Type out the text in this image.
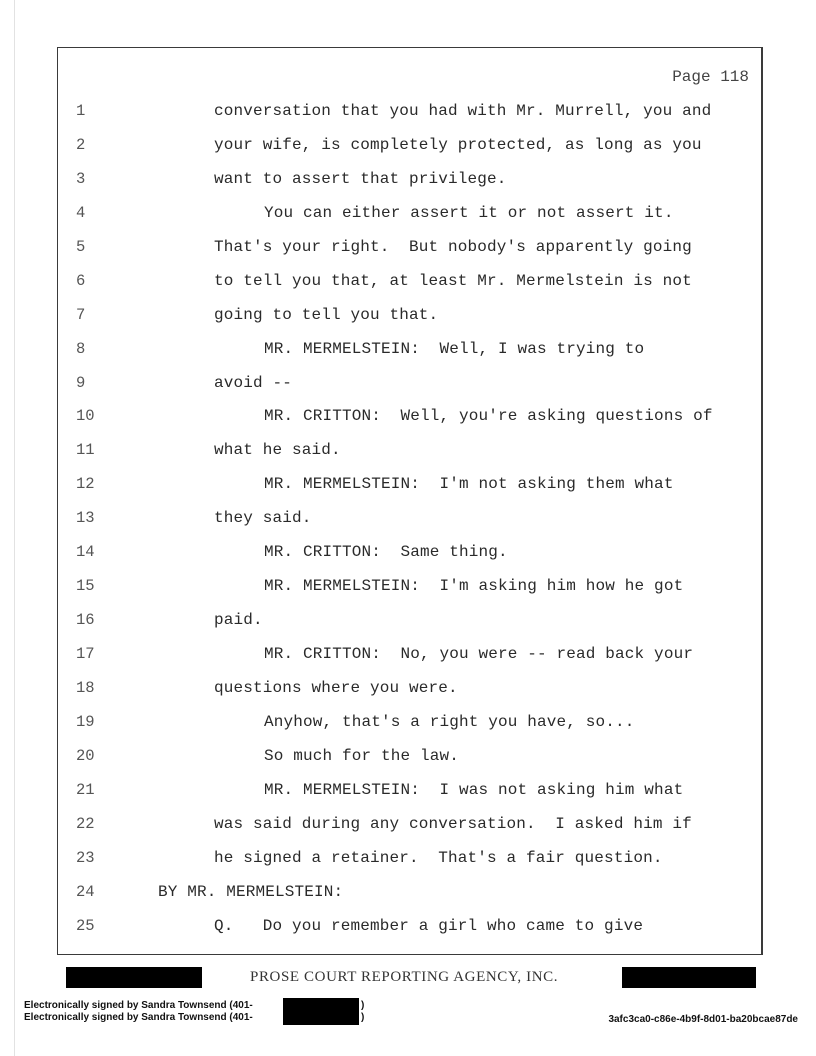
Page 118
1	conversation that you had with Mr. Murrell, you and
2	your wife, is completely protected, as long as you
3	want to assert that privilege.
4	You can either assert it or not assert it.
5	That's your right.  But nobody's apparently going
6	to tell you that, at least Mr. Mermelstein is not
7	going to tell you that.
8	MR. MERMELSTEIN:  Well, I was trying to
9	avoid --
10	MR. CRITTON:  Well, you're asking questions of
11	what he said.
12	MR. MERMELSTEIN:  I'm not asking them what
13	they said.
14	MR. CRITTON:  Same thing.
15	MR. MERMELSTEIN:  I'm asking him how he got
16	paid.
17	MR. CRITTON:  No, you were -- read back your
18	questions where you were.
19	Anyhow, that's a right you have, so...
20	So much for the law.
21	MR. MERMELSTEIN:  I was not asking him what
22	was said during any conversation.  I asked him if
23	he signed a retainer.  That's a fair question.
24	BY MR. MERMELSTEIN:
25	Q.   Do you remember a girl who came to give
PROSE COURT REPORTING AGENCY, INC.
Electronically signed by Sandra Townsend (401-
Electronically signed by Sandra Townsend (401-
)
)	3afc3ca0-c86e-4b9f-8d01-ba20bcae87de
